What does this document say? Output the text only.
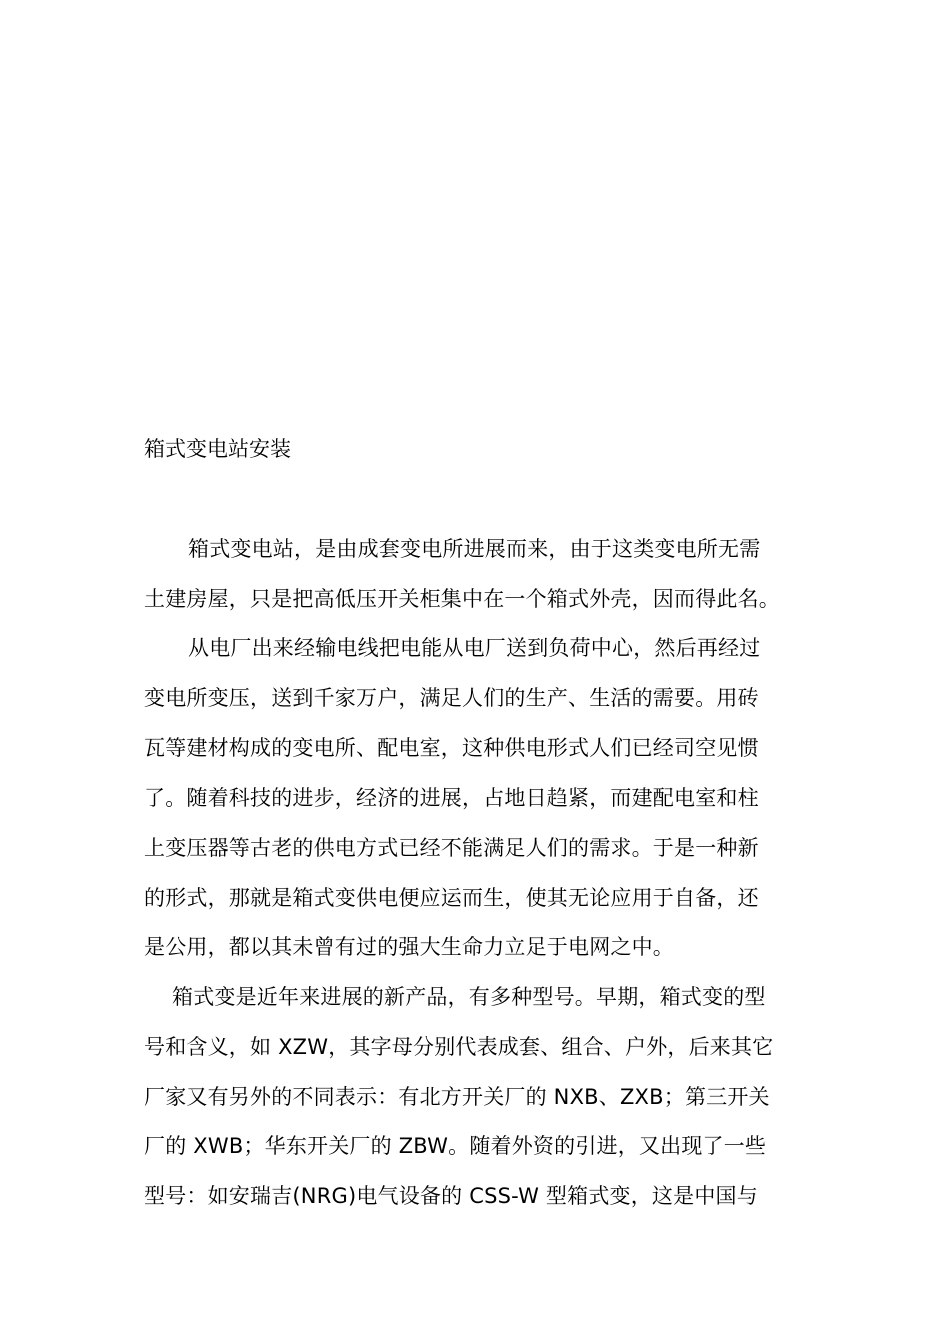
箱式变电站安装
箱式变电站，是由成套变电所进展而来，由于这类变电所无需
土建房屋，只是把高低压开关柜集中在一个箱式外壳，因而得此名。
从电厂出来经输电线把电能从电厂送到负荷中心，然后再经过
变电所变压，送到千家万户，满足人们的生产、生活的需要。用砖
瓦等建材构成的变电所、配电室，这种供电形式人们已经司空见惯
了。随着科技的进步，经济的进展，占地日趋紧，而建配电室和柱
上变压器等古老的供电方式已经不能满足人们的需求。于是一种新
的形式，那就是箱式变供电便应运而生，使其无论应用于自备，还
是公用，都以其未曾有过的强大生命力立足于电网之中。
箱式变是近年来进展的新产品，有多种型号。早期，箱式变的型
号和含义，如 XZW，其字母分别代表成套、组合、户外，后来其它
厂家又有另外的不同表示：有北方开关厂的 NXB、ZXB；第三开关
厂的 XWB；华东开关厂的 ZBW。随着外资的引进，又出现了一些
型号：如安瑞吉(NRG)电气设备的 CSS-W 型箱式变，这是中国与
